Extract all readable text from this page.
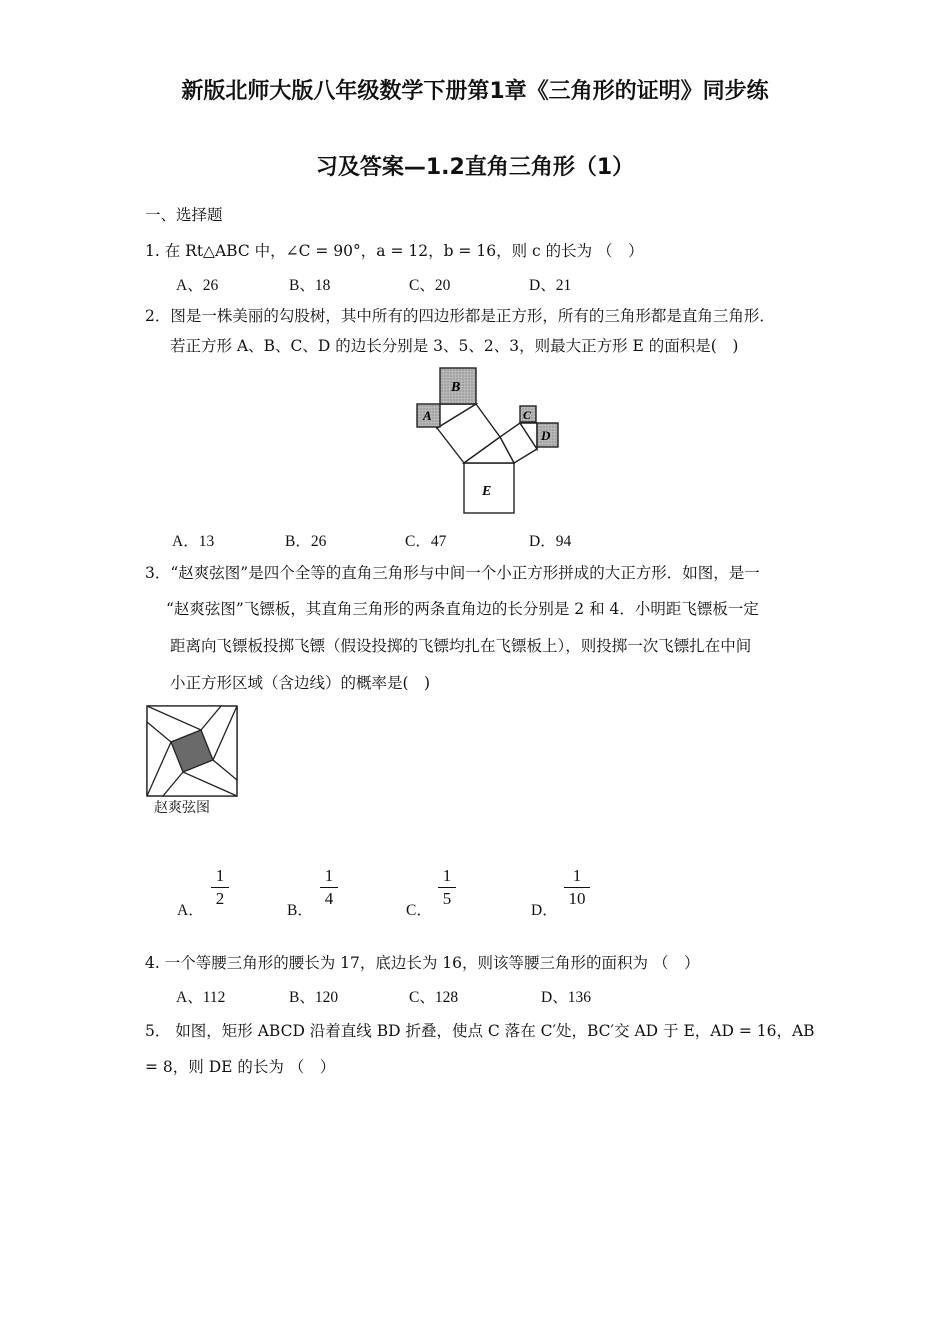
新版北师大版八年级数学下册第1章《三角形的证明》同步练
习及答案—1.2直角三角形（1）
一、选择题
1. 在 Rt△ABC 中，∠C = 90°，a = 12，b = 16，则 c 的长为 （　）
A、26	B、18	C、20	D、21
2．图是一株美丽的勾股树，其中所有的四边形都是正方形，所有的三角形都是直角三角形．
若正方形 A、B、C、D 的边长分别是 3、5、2、3，则最大正方形 E 的面积是(　)
B
A	C
D
E
A．13	B．26	C．47	D．94
3．“赵爽弦图”是四个全等的直角三角形与中间一个小正方形拼成的大正方形．如图，是一
“赵爽弦图”飞镖板，其直角三角形的两条直角边的长分别是 2 和 4．小明距飞镖板一定
距离向飞镖板投掷飞镖（假设投掷的飞镖均扎在飞镖板上），则投掷一次飞镖扎在中间
小正方形区域（含边线）的概率是(　)
赵爽弦图
A．
1
2
B．
1
4
C．
1
5
D．
1
10
4. 一个等腰三角形的腰长为 17，底边长为 16，则该等腰三角形的面积为 （　）
A、112	B、120	C、128	D、136
5． 如图，矩形 ABCD 沿着直线 BD 折叠，使点 C 落在 C′处，BC′交 AD 于 E，AD = 16，AB
= 8，则 DE 的长为 （　）
